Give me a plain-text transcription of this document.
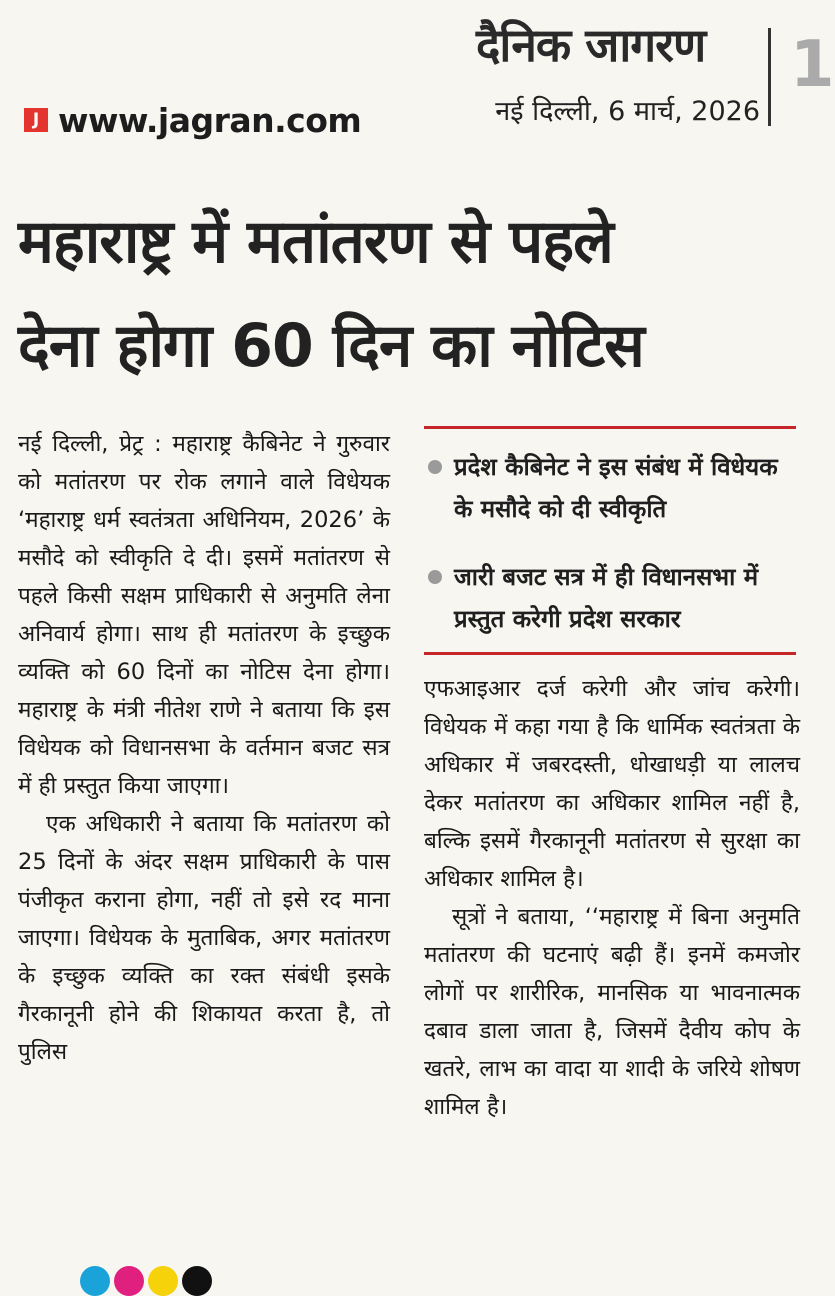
दैनिक जागरण	1
नई दिल्ली, 6 मार्च, 2026
J www.jagran.com
महाराष्ट्र में मतांतरण से पहले
देना होगा 60 दिन का नोटिस

नई दिल्ली, प्रेट्र : महाराष्ट्र कैबिनेट ने गुरुवार को मतांतरण पर रोक लगाने वाले विधेयक ‘महाराष्ट्र धर्म स्वतंत्रता अधिनियम, 2026’ के मसौदे को स्वीकृति दे दी। इसमें मतांतरण से पहले किसी सक्षम प्राधिकारी से अनुमति लेना अनिवार्य होगा। साथ ही मतांतरण के इच्छुक व्यक्ति को 60 दिनों का नोटिस देना होगा। महाराष्ट्र के मंत्री नीतेश राणे ने बताया कि इस विधेयक को विधानसभा के वर्तमान बजट सत्र में ही प्रस्तुत किया जाएगा।

एक अधिकारी ने बताया कि मतांतरण को 25 दिनों के अंदर सक्षम प्राधिकारी के पास पंजीकृत कराना होगा, नहीं तो इसे रद माना जाएगा। विधेयक के मुताबिक, अगर मतांतरण के इच्छुक व्यक्ति का रक्त संबंधी इसके गैरकानूनी होने की शिकायत करता है, तो पुलिस

प्रदेश कैबिनेट ने इस संबंध में विधेयक के मसौदे को दी स्वीकृति
जारी बजट सत्र में ही विधानसभा में प्रस्तुत करेगी प्रदेश सरकार

एफआइआर दर्ज करेगी और जांच करेगी। विधेयक में कहा गया है कि धार्मिक स्वतंत्रता के अधिकार में जबरदस्ती, धोखाधड़ी या लालच देकर मतांतरण का अधिकार शामिल नहीं है, बल्कि इसमें गैरकानूनी मतांतरण से सुरक्षा का अधिकार शामिल है।

सूत्रों ने बताया, ‘‘महाराष्ट्र में बिना अनुमति मतांतरण की घटनाएं बढ़ी हैं। इनमें कमजोर लोगों पर शारीरिक, मानसिक या भावनात्मक दबाव डाला जाता है, जिसमें दैवीय कोप के खतरे, लाभ का वादा या शादी के जरिये शोषण शामिल है।
